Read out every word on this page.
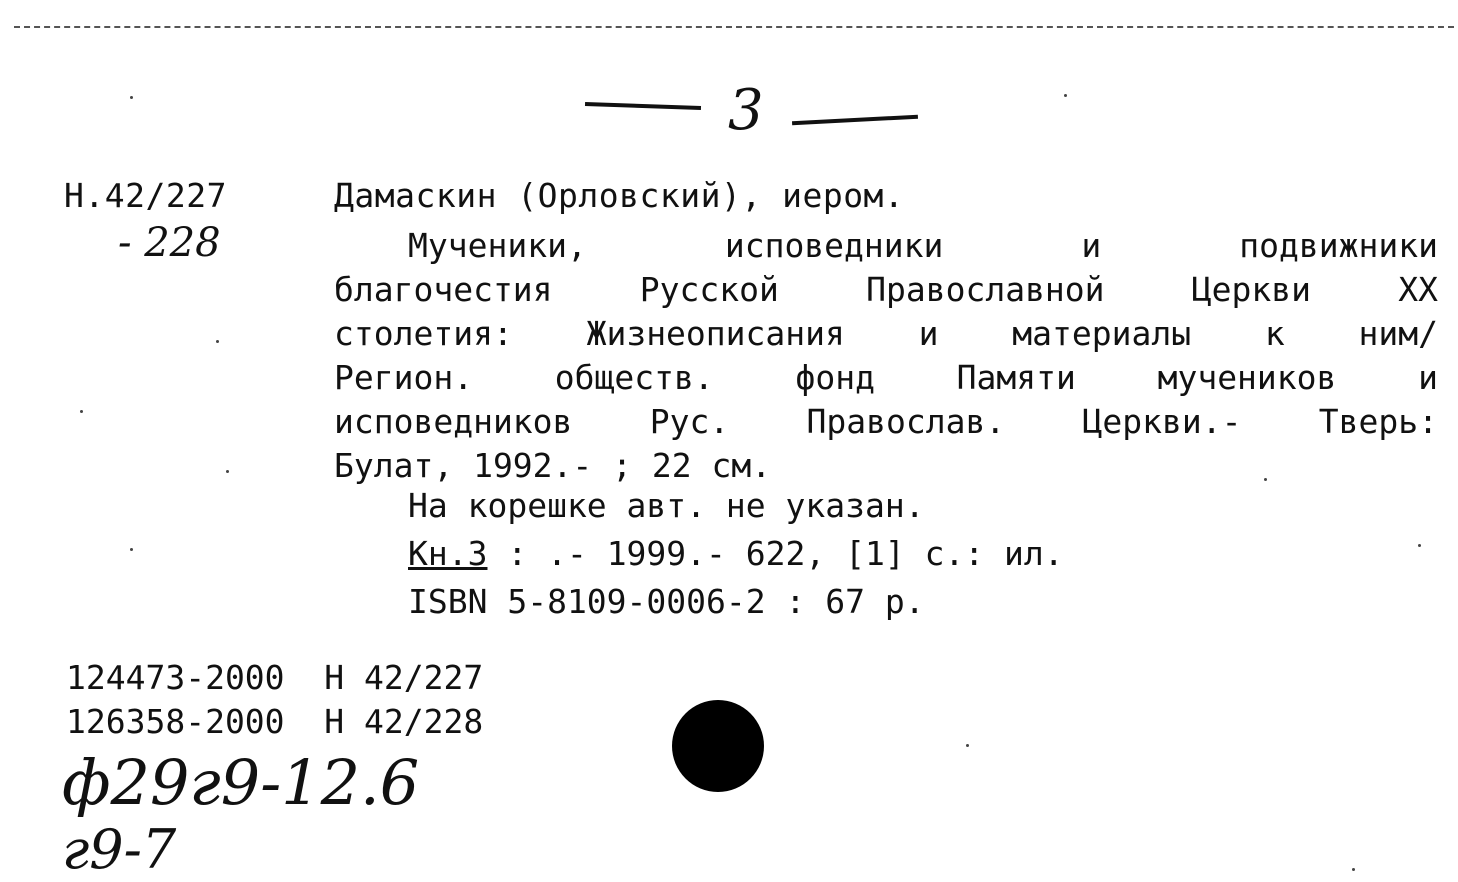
3
Н.42/227
- 228
Дамаскин (Орловский), иером.
Мученики, исповедники и подвижники
благочестия Русской Православной Церкви XX
столетия: Жизнеописания и материалы к ним/
Регион. обществ. фонд Памяти мучеников и
исповедников Рус. Православ. Церкви.- Тверь:
Булат, 1992.- ; 22 см.
На корешке авт. не указан.
Кн.3 : .- 1999.- 622, [1] с.: ил.
ISBN 5-8109-0006-2 : 67 р.
124473-2000  Н 42/227
126358-2000  Н 42/228
ф29г9-12.6
г9-7
